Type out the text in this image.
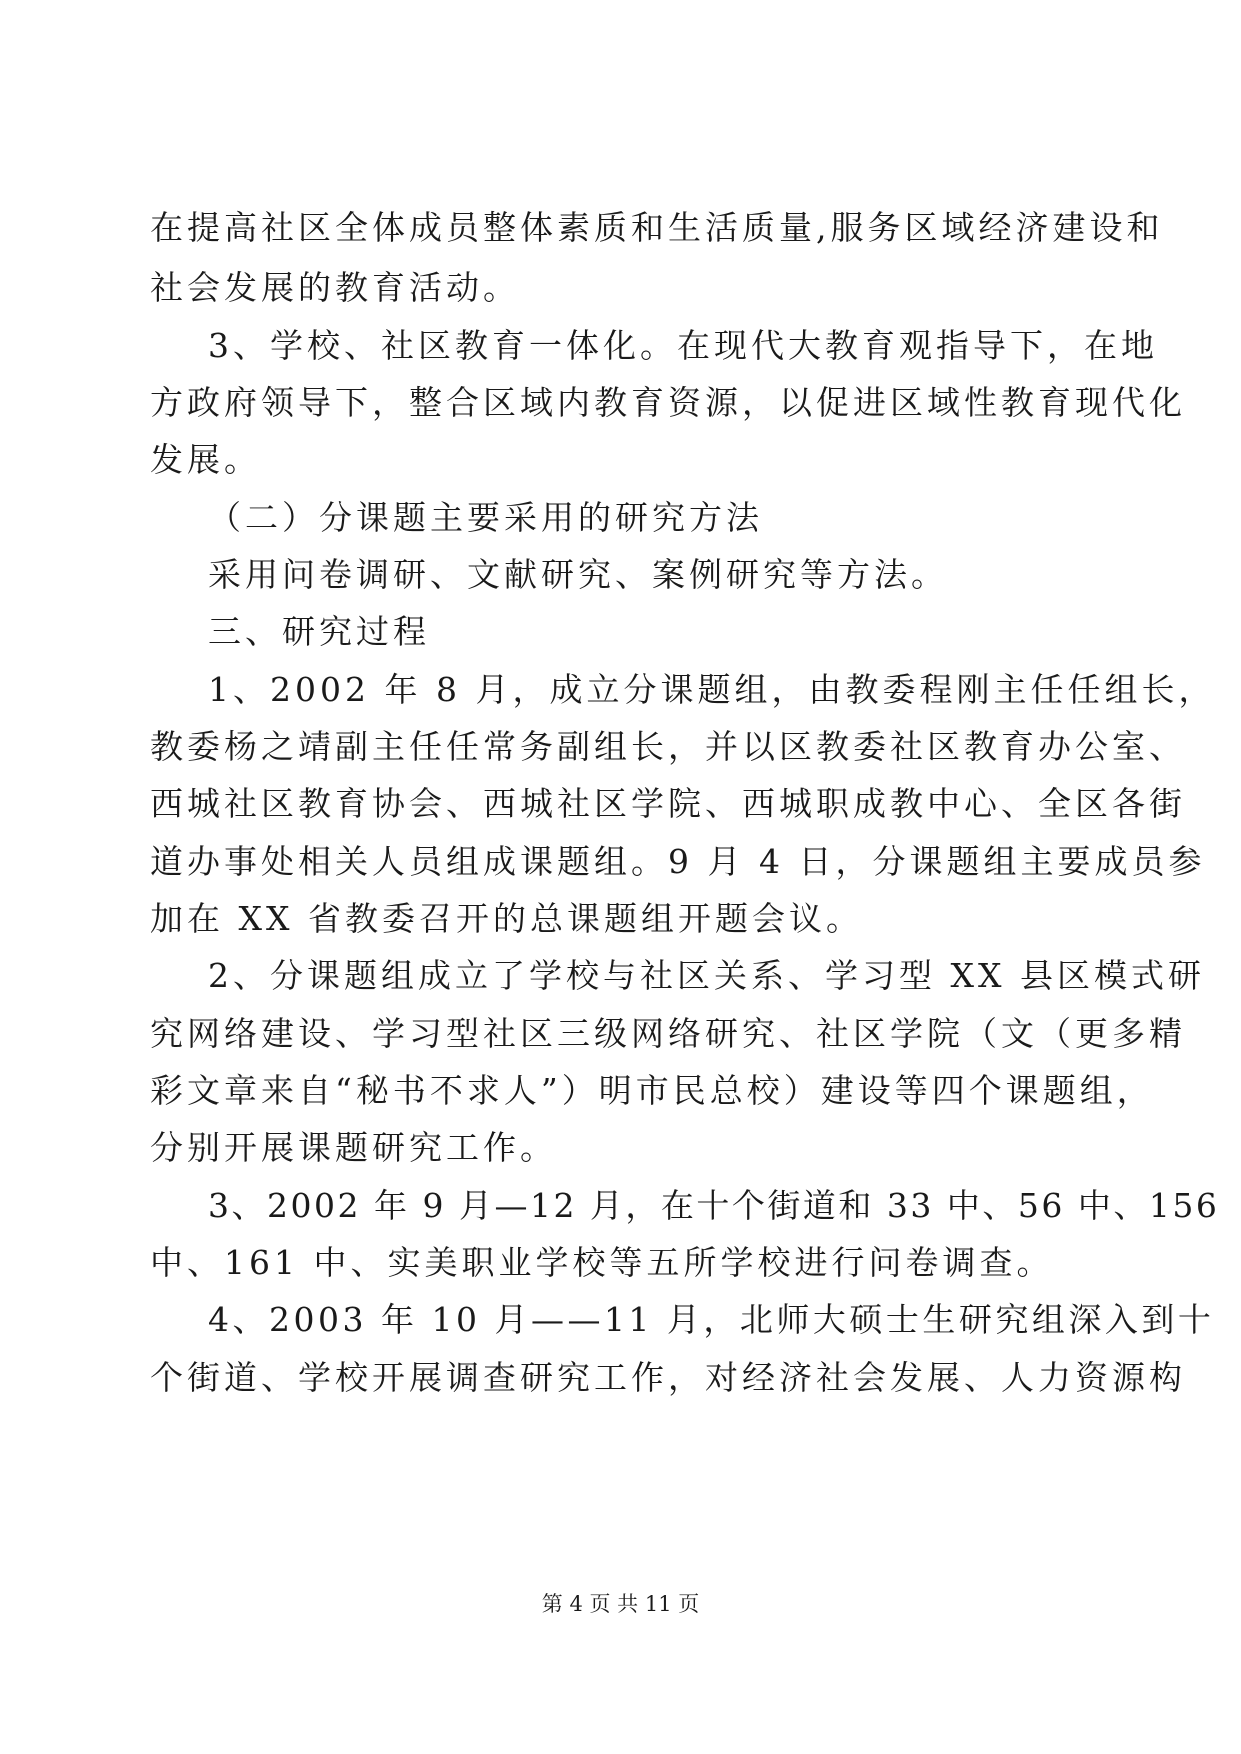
在提高社区全体成员整体素质和生活质量,服务区域经济建设和
社会发展的教育活动。
3、学校、社区教育一体化。在现代大教育观指导下，在地
方政府领导下，整合区域内教育资源，以促进区域性教育现代化
发展。
（二）分课题主要采用的研究方法
采用问卷调研、文献研究、案例研究等方法。
三、研究过程
1、2002 年 8 月，成立分课题组，由教委程刚主任任组长，
教委杨之靖副主任任常务副组长，并以区教委社区教育办公室、
西城社区教育协会、西城社区学院、西城职成教中心、全区各街
道办事处相关人员组成课题组。9 月 4 日，分课题组主要成员参
加在 XX 省教委召开的总课题组开题会议。
2、分课题组成立了学校与社区关系、学习型 XX 县区模式研
究网络建设、学习型社区三级网络研究、社区学院（文（更多精
彩文章来自“秘书不求人”）明市民总校）建设等四个课题组，
分别开展课题研究工作。
3、2002 年 9 月—12 月，在十个街道和 33 中、56 中、156
中、161 中、实美职业学校等五所学校进行问卷调查。
4、2003 年 10 月——11 月，北师大硕士生研究组深入到十
个街道、学校开展调查研究工作，对经济社会发展、人力资源构
第 4 页 共 11 页
